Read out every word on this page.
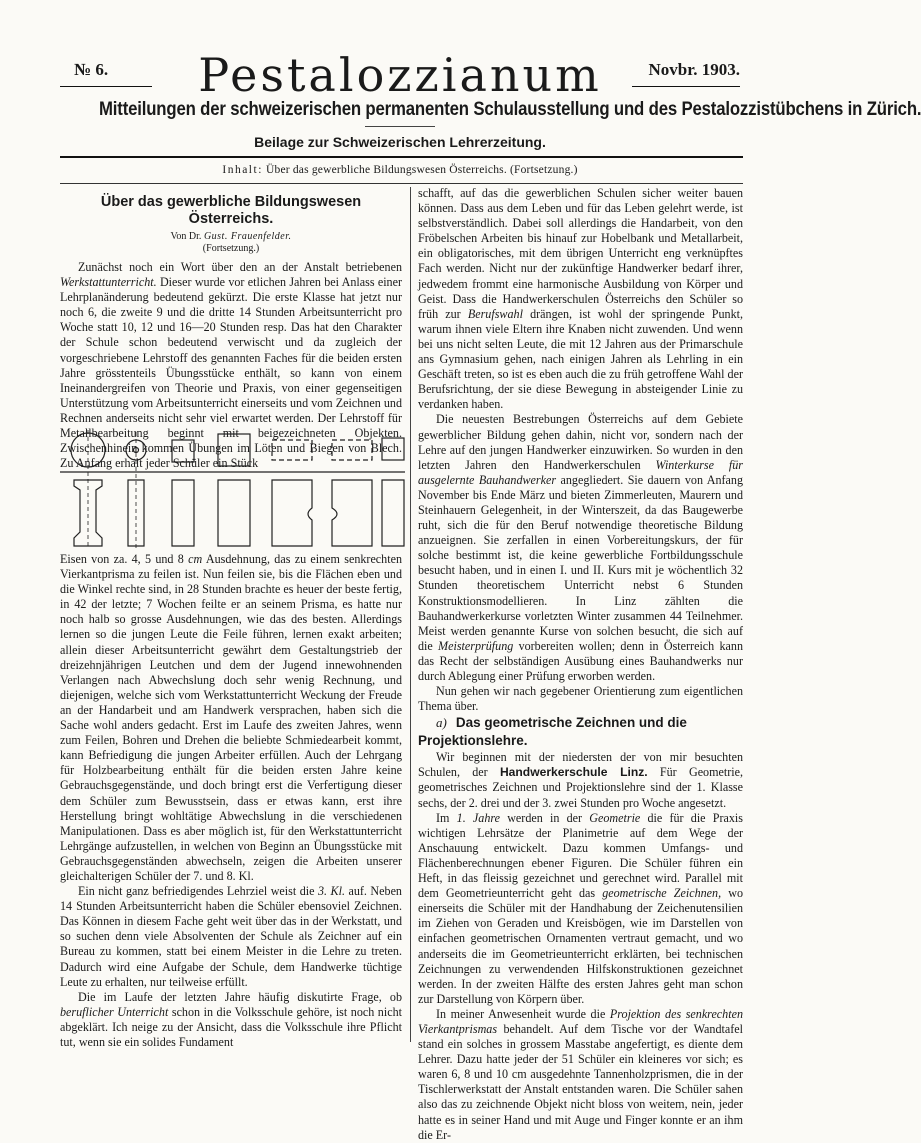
№ 6.	Pestalozzianum	Novbr. 1903.
Mitteilungen der schweizerischen permanenten Schulausstellung und des Pestalozzistübchens in Zürich.
Beilage zur Schweizerischen Lehrerzeitung.
Inhalt: Über das gewerbliche Bildungswesen Österreichs. (Fortsetzung.)
Über das gewerbliche Bildungswesen Österreichs.
Von Dr. Gust. Frauenfelder.
(Fortsetzung.)

Zunächst noch ein Wort über den an der Anstalt betriebenen Werkstattunterricht. Dieser wurde vor etlichen Jahren bei Anlass einer Lehrplanänderung bedeutend gekürzt. Die erste Klasse hat jetzt nur noch 6, die zweite 9 und die dritte 14 Stunden Arbeitsunterricht pro Woche statt 10, 12 und 16—20 Stunden resp. Das hat den Charakter der Schule schon bedeutend verwischt und da zugleich der vorgeschriebene Lehrstoff des genannten Faches für die beiden ersten Jahre grösstenteils Übungsstücke enthält, so kann von einem Ineinandergreifen von Theorie und Praxis, von einer gegenseitigen Unterstützung vom Arbeitsunterricht einerseits und vom Zeichnen und Rechnen anderseits nicht sehr viel erwartet werden. Der Lehrstoff für Metallbearbeitung beginnt mit beigezeichneten Objekten. Zwischenhinein kommen Übungen im Löten und Biegen von Blech. Zu Anfang erhält jeder Schüler ein Stück

Eisen von za. 4, 5 und 8 cm Ausdehnung, das zu einem senkrechten Vierkantprisma zu feilen ist. Nun feilen sie, bis die Flächen eben und die Winkel rechte sind, in 28 Stunden brachte es heuer der beste fertig, in 42 der letzte; 7 Wochen feilte er an seinem Prisma, es hatte nur noch halb so grosse Ausdehnungen, wie das des besten. Allerdings lernen so die jungen Leute die Feile führen, lernen exakt arbeiten; allein dieser Arbeitsunterricht gewährt dem Gestaltungstrieb der dreizehnjährigen Leutchen und dem der Jugend innewohnenden Verlangen nach Abwechslung doch sehr wenig Rechnung, und diejenigen, welche sich vom Werkstattunterricht Weckung der Freude an der Handarbeit und am Handwerk versprachen, haben sich die Sache wohl anders gedacht. Erst im Laufe des zweiten Jahres, wenn zum Feilen, Bohren und Drehen die beliebte Schmiedearbeit kommt, kann Befriedigung die jungen Arbeiter erfüllen. Auch der Lehrgang für Holzbearbeitung enthält für die beiden ersten Jahre keine Gebrauchsgegenstände, und doch bringt erst die Verfertigung dieser dem Schüler zum Bewusstsein, dass er etwas kann, erst ihre Herstellung bringt wohltätige Abwechslung in die verschiedenen Manipulationen. Dass es aber möglich ist, für den Werkstattunterricht Lehrgänge aufzustellen, in welchen von Beginn an Übungsstücke mit Gebrauchsgegenständen abwechseln, zeigen die Arbeiten unserer gleichalterigen Schüler der 7. und 8. Kl.

Ein nicht ganz befriedigendes Lehrziel weist die 3. Kl. auf. Neben 14 Stunden Arbeitsunterricht haben die Schüler ebensoviel Zeichnen. Das Können in diesem Fache geht weit über das in der Werkstatt, und so suchen denn viele Absolventen der Schule als Zeichner auf ein Bureau zu kommen, statt bei einem Meister in die Lehre zu treten. Dadurch wird eine Aufgabe der Schule, dem Handwerke tüchtige Leute zu erhalten, nur teilweise erfüllt.

Die im Laufe der letzten Jahre häufig diskutirte Frage, ob beruflicher Unterricht schon in die Volksschule gehöre, ist noch nicht abgeklärt. Ich neige zu der Ansicht, dass die Volksschule ihre Pflicht tut, wenn sie ein solides Fundament

schafft, auf das die gewerblichen Schulen sicher weiter bauen können. Dass aus dem Leben und für das Leben gelehrt werde, ist selbstverständlich. Dabei soll allerdings die Handarbeit, von den Fröbelschen Arbeiten bis hinauf zur Hobelbank und Metallarbeit, ein obligatorisches, mit dem übrigen Unterricht eng verknüpftes Fach werden. Nicht nur der zukünftige Handwerker bedarf ihrer, jedwedem frommt eine harmonische Ausbildung von Körper und Geist. Dass die Handwerkerschulen Österreichs den Schüler so früh zur Berufswahl drängen, ist wohl der springende Punkt, warum ihnen viele Eltern ihre Knaben nicht zuwenden. Und wenn bei uns nicht selten Leute, die mit 12 Jahren aus der Primarschule ans Gymnasium gehen, nach einigen Jahren als Lehrling in ein Geschäft treten, so ist es eben auch die zu früh getroffene Wahl der Berufsrichtung, der sie diese Bewegung in absteigender Linie zu verdanken haben.

Die neuesten Bestrebungen Österreichs auf dem Gebiete gewerblicher Bildung gehen dahin, nicht vor, sondern nach der Lehre auf den jungen Handwerker einzuwirken. So wurden in den letzten Jahren den Handwerkerschulen Winterkurse für ausgelernte Bauhandwerker angegliedert. Sie dauern von Anfang November bis Ende März und bieten Zimmerleuten, Maurern und Steinhauern Gelegenheit, in der Winterszeit, da das Baugewerbe ruht, sich die für den Beruf notwendige theoretische Bildung anzueignen. Sie zerfallen in einen Vorbereitungskurs, der für solche bestimmt ist, die keine gewerbliche Fortbildungsschule besucht haben, und in einen I. und II. Kurs mit je wöchentlich 32 Stunden theoretischem Unterricht nebst 6 Stunden Konstruktionsmodellieren. In Linz zählten die Bauhandwerkerkurse vorletzten Winter zusammen 44 Teilnehmer. Meist werden genannte Kurse von solchen besucht, die sich auf die Meisterprüfung vorbereiten wollen; denn in Österreich kann das Recht der selbständigen Ausübung eines Bauhandwerks nur durch Ablegung einer Prüfung erworben werden.

Nun gehen wir nach gegebener Orientierung zum eigentlichen Thema über.

a) Das geometrische Zeichnen und die Projektionslehre.

Wir beginnen mit der niedersten der von mir besuchten Schulen, der Handwerkerschule Linz. Für Geometrie, geometrisches Zeichnen und Projektionslehre sind der 1. Klasse sechs, der 2. drei und der 3. zwei Stunden pro Woche angesetzt.

Im 1. Jahre werden in der Geometrie die für die Praxis wichtigen Lehrsätze der Planimetrie auf dem Wege der Anschauung entwickelt. Dazu kommen Umfangs- und Flächenberechnungen ebener Figuren. Die Schüler führen ein Heft, in das fleissig gezeichnet und gerechnet wird. Parallel mit dem Geometrieunterricht geht das geometrische Zeichnen, wo einerseits die Schüler mit der Handhabung der Zeichenutensilien im Ziehen von Geraden und Kreisbögen, wie im Darstellen von einfachen geometrischen Ornamenten vertraut gemacht, und wo anderseits die im Geometrieunterricht erklärten, bei technischen Zeichnungen zu verwendenden Hilfskonstruktionen gezeichnet werden. In der zweiten Hälfte des ersten Jahres geht man schon zur Darstellung von Körpern über.

In meiner Anwesenheit wurde die Projektion des senkrechten Vierkantprismas behandelt. Auf dem Tische vor der Wandtafel stand ein solches in grossem Masstabe angefertigt, es diente dem Lehrer. Dazu hatte jeder der 51 Schüler ein kleineres vor sich; es waren 6, 8 und 10 cm ausgedehnte Tannenholzprismen, die in der Tischlerwerkstatt der Anstalt entstanden waren. Die Schüler sahen also das zu zeichnende Objekt nicht bloss von weitem, nein, jeder hatte es in seiner Hand und mit Auge und Finger konnte er an ihm die Er-
